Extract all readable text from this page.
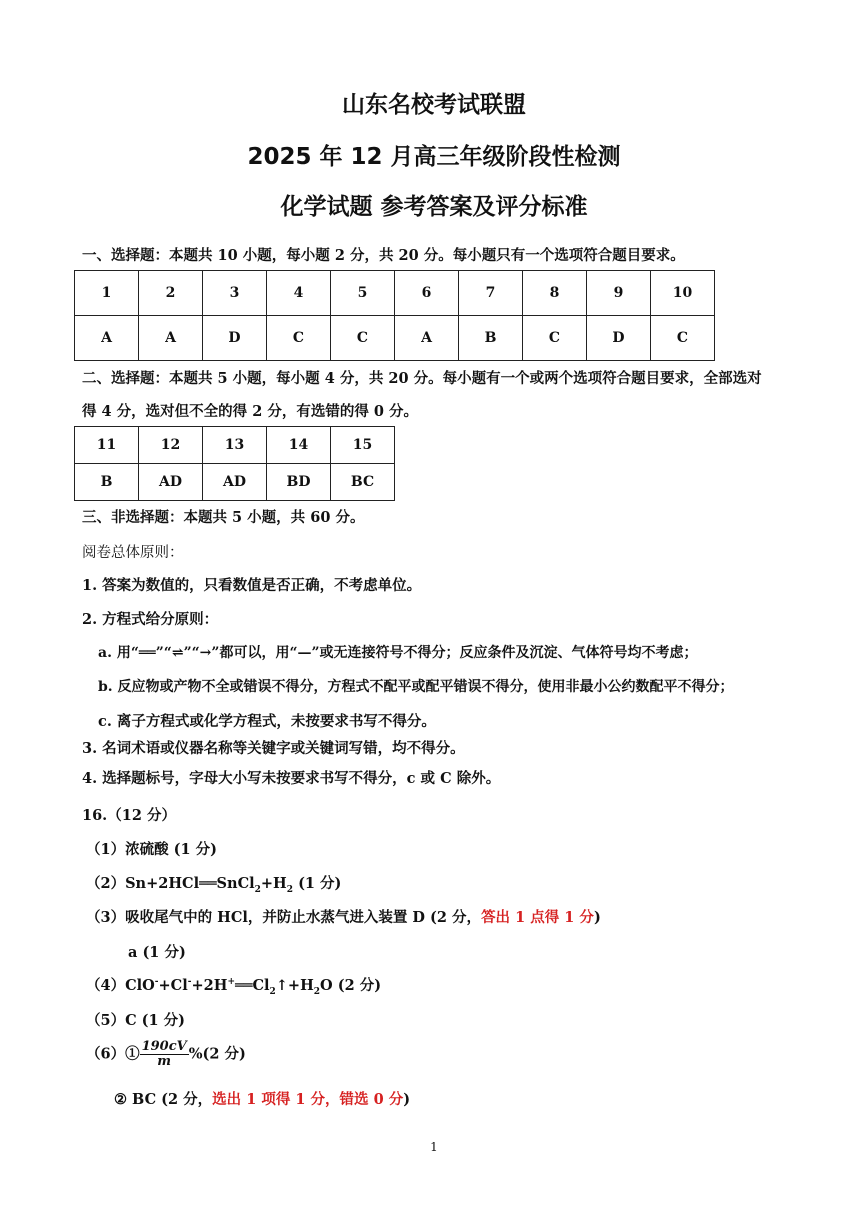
山东名校考试联盟
2025 年 12 月高三年级阶段性检测
化学试题 参考答案及评分标准
一、选择题：本题共 10 小题，每小题 2 分，共 20 分。每小题只有一个选项符合题目要求。
1	2	3	4	5	6	7	8	9	10
A	A	D	C	C	A	B	C	D	C
二、选择题：本题共 5 小题，每小题 4 分，共 20 分。每小题有一个或两个选项符合题目要求，全部选对
得 4 分，选对但不全的得 2 分，有选错的得 0 分。
11	12	13	14	15
B	AD	AD	BD	BC
三、非选择题：本题共 5 小题，共 60 分。
阅卷总体原则：
1. 答案为数值的，只看数值是否正确，不考虑单位。
2. 方程式给分原则：
a. 用“══”“⇌”“→”都可以，用“—”或无连接符号不得分；反应条件及沉淀、气体符号均不考虑；
b. 反应物或产物不全或错误不得分，方程式不配平或配平错误不得分，使用非最小公约数配平不得分；
c. 离子方程式或化学方程式，未按要求书写不得分。
3. 名词术语或仪器名称等关键字或关键词写错，均不得分。
4. 选择题标号，字母大小写未按要求书写不得分，c 或 C 除外。
16.（12 分）
（1）浓硫酸 (1 分)
$(2)Sn+2HCl══SnCl_2+H_2$ (1 分)
（3）吸收尾气中的 HCl，并防止水蒸气进入装置 D (2 分，答出 1 点得 1 分)
a (1 分)
$(4)ClO^-+Cl^-+2H^+══Cl_2↑+H_2O$ (2 分)
（5）C (1 分)
（6）① $\frac{190cV}{m} \%(2$ 分)
② BC (2 分，选出 1 项得 1 分，错选 0 分)
1
